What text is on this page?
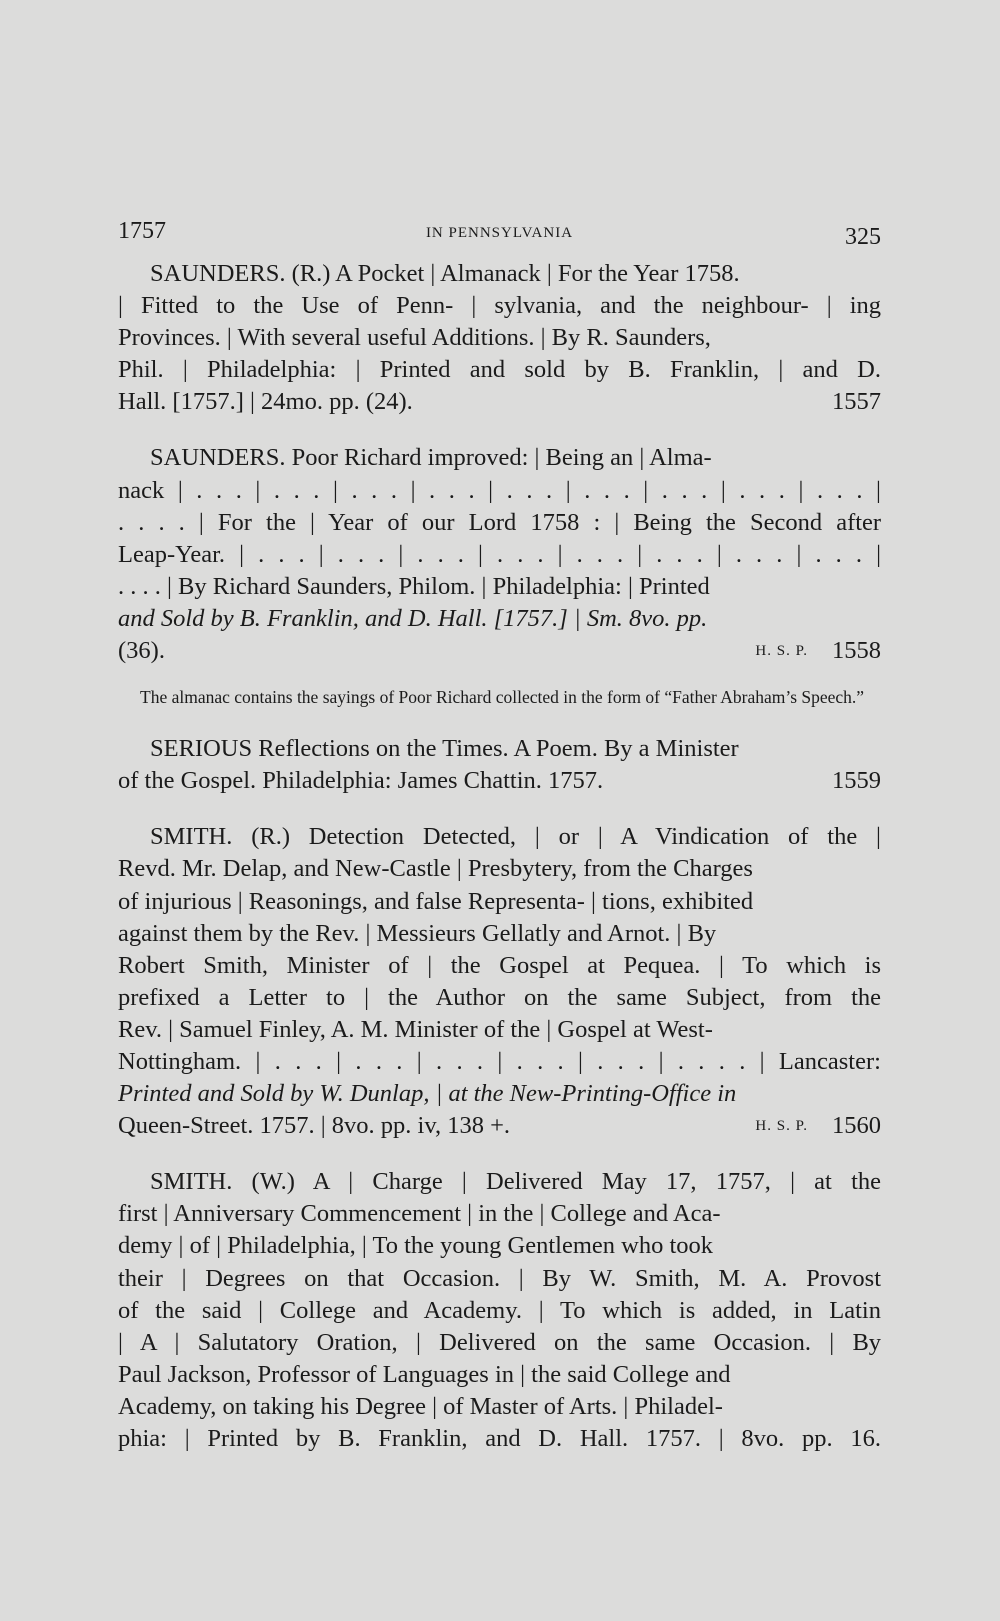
1757	IN PENNSYLVANIA	325
SAUNDERS. (R.) A Pocket | Almanack | For the Year 1758.
| Fitted to the Use of Penn- | sylvania, and the neighbour- | ing
Provinces. | With several useful Additions. | By R. Saunders,
Phil. | Philadelphia: | Printed and sold by B. Franklin, | and D.
Hall. [1757.] | 24mo. pp. (24).	1557
SAUNDERS. Poor Richard improved: | Being an | Alma-
nack | . . . | . . . | . . . | . . . | . . . | . . . | . . . | . . . | . . . |
. . . . | For the | Year of our Lord 1758 : | Being the Second after
Leap-Year. | . . . | . . . | . . . | . . . | . . . | . . . | . . . | . . . |
. . . . | By Richard Saunders, Philom. | Philadelphia: | Printed
and Sold by B. Franklin, and D. Hall. [1757.] | Sm. 8vo. pp.
(36).	H. S. P. 1558
The almanac contains the sayings of Poor Richard collected in the form of “Father Abraham’s Speech.”
SERIOUS Reflections on the Times. A Poem. By a Minister
of the Gospel. Philadelphia: James Chattin. 1757.	1559
SMITH. (R.) Detection Detected, | or | A Vindication of the |
Revd. Mr. Delap, and New-Castle | Presbytery, from the Charges
of injurious | Reasonings, and false Representa- | tions, exhibited
against them by the Rev. | Messieurs Gellatly and Arnot. | By
Robert Smith, Minister of | the Gospel at Pequea. | To which is
prefixed a Letter to | the Author on the same Subject, from the
Rev. | Samuel Finley, A. M. Minister of the | Gospel at West-
Nottingham. | . . . | . . . | . . . | . . . | . . . | . . . . | Lancaster:
Printed and Sold by W. Dunlap, | at the New-Printing-Office in
Queen-Street. 1757. | 8vo. pp. iv, 138 +.	H. S. P. 1560
SMITH. (W.) A | Charge | Delivered May 17, 1757, | at the
first | Anniversary Commencement | in the | College and Aca-
demy | of | Philadelphia, | To the young Gentlemen who took
their | Degrees on that Occasion. | By W. Smith, M. A. Provost
of the said | College and Academy. | To which is added, in Latin
| A | Salutatory Oration, | Delivered on the same Occasion. | By
Paul Jackson, Professor of Languages in | the said College and
Academy, on taking his Degree | of Master of Arts. | Philadel-
phia: | Printed by B. Franklin, and D. Hall. 1757. | 8vo. pp. 16.
